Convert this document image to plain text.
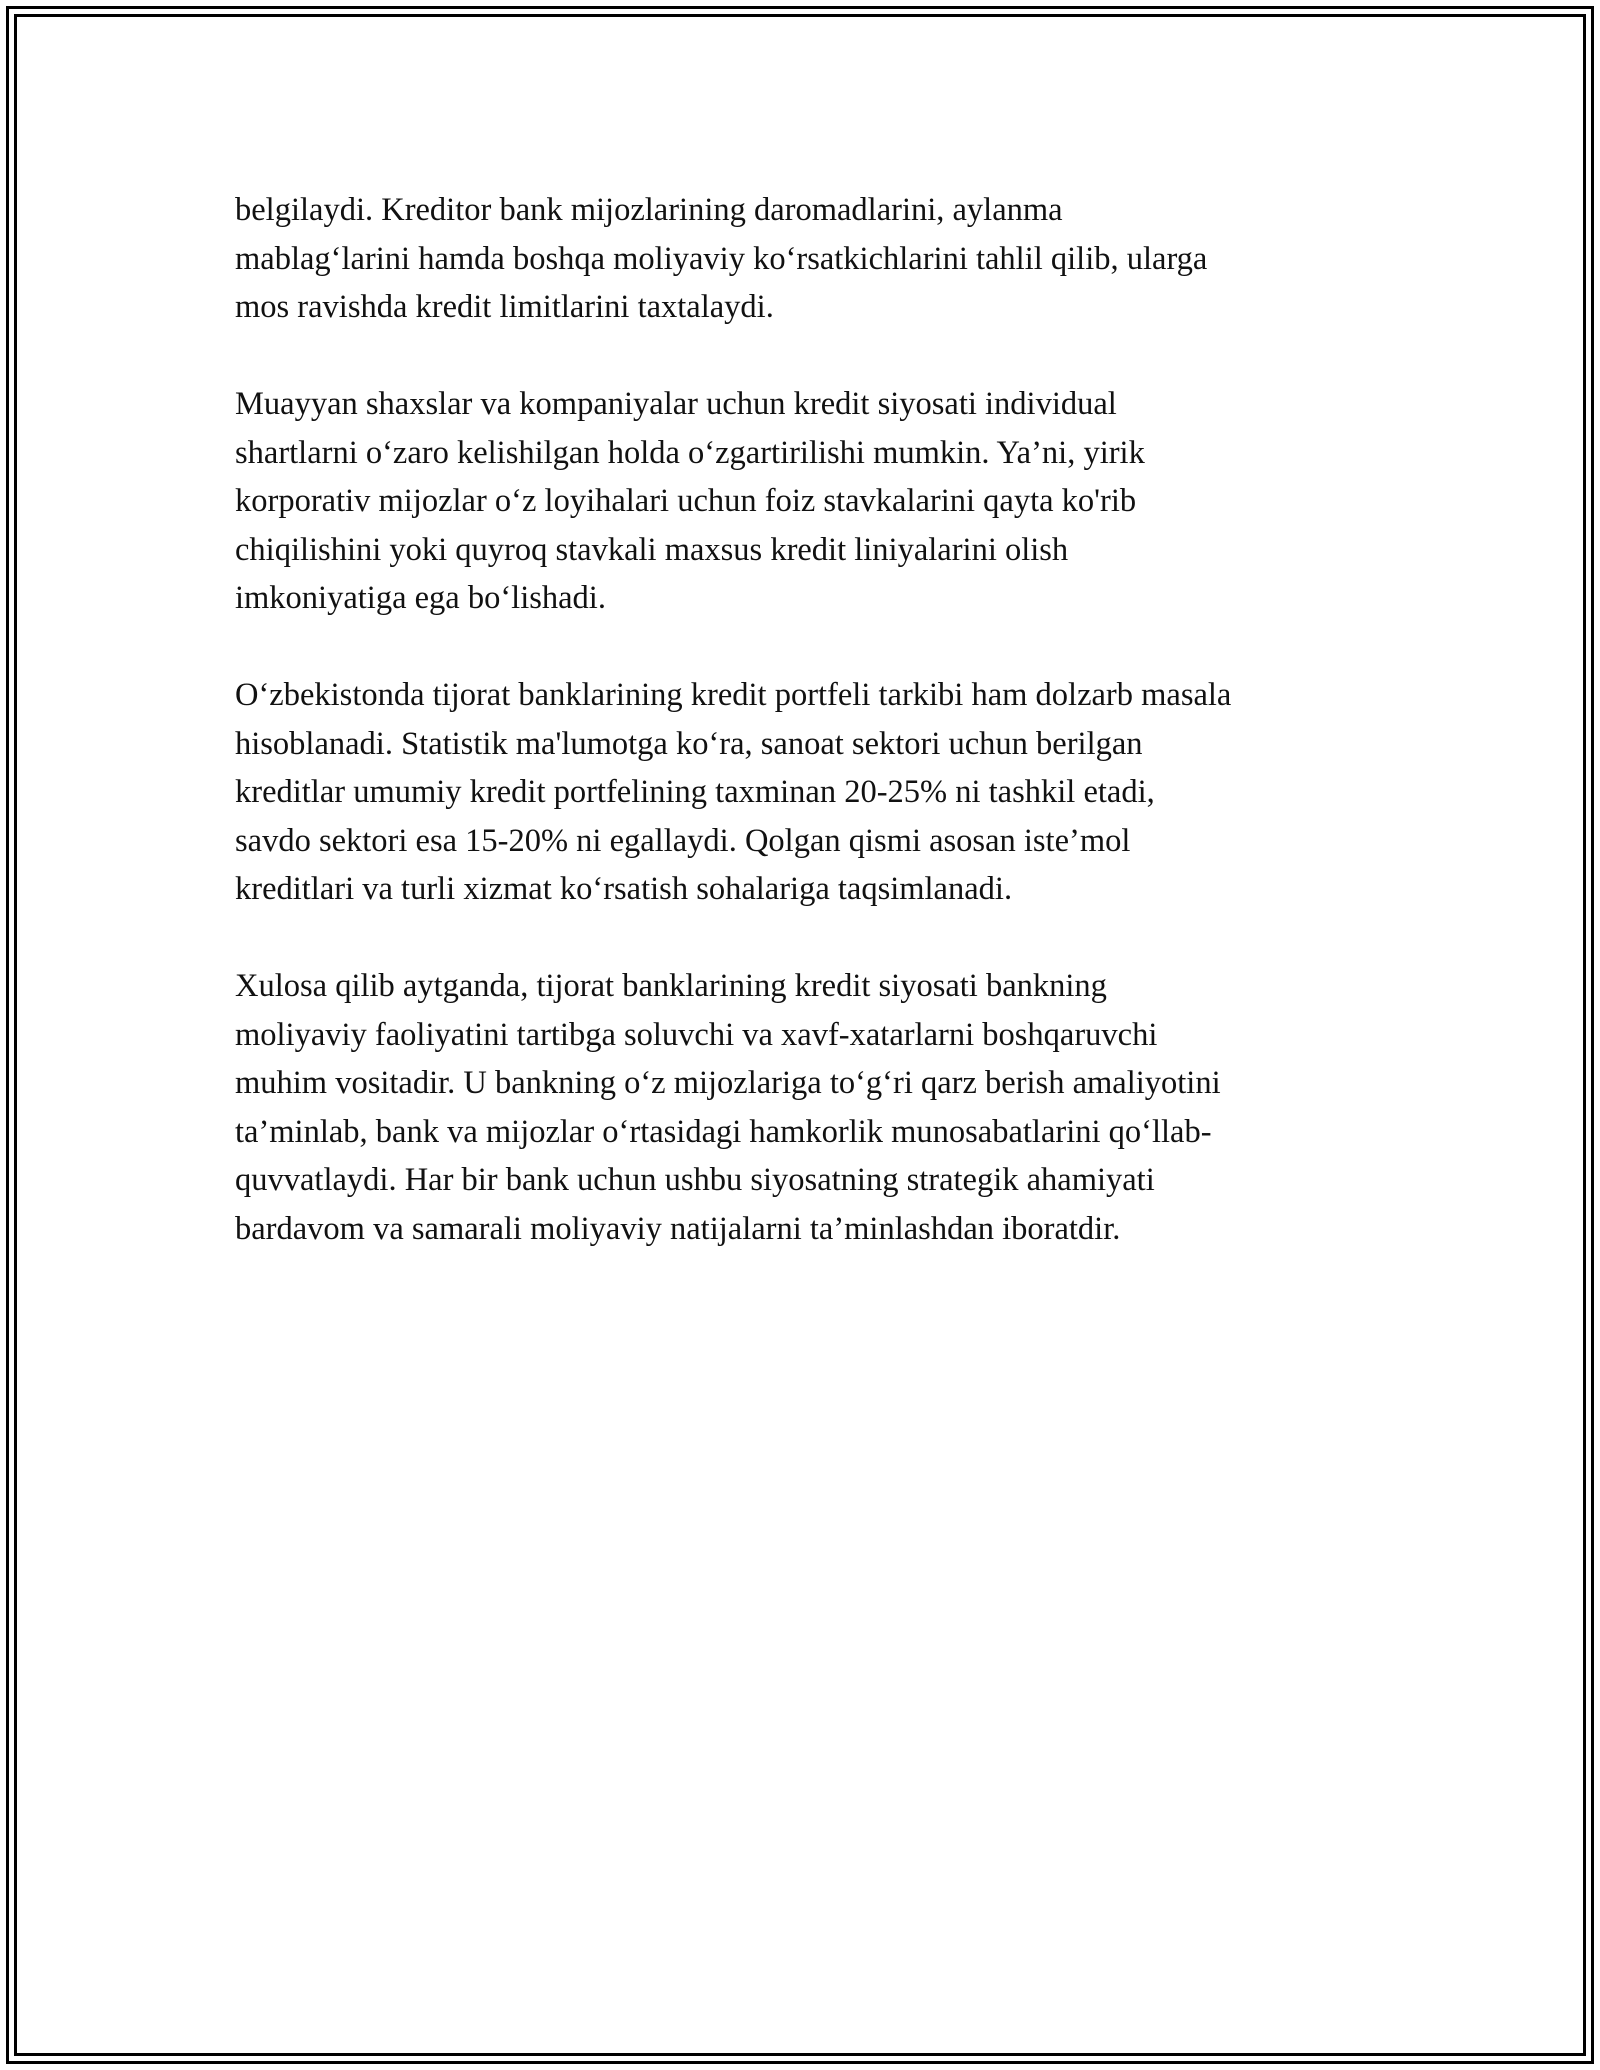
belgilaydi. Kreditor bank mijozlarining daromadlarini, aylanma
mablag‘larini hamda boshqa moliyaviy ko‘rsatkichlarini tahlil qilib, ularga
mos ravishda kredit limitlarini taxtalaydi.

Muayyan shaxslar va kompaniyalar uchun kredit siyosati individual
shartlarni o‘zaro kelishilgan holda o‘zgartirilishi mumkin. Ya’ni, yirik
korporativ mijozlar o‘z loyihalari uchun foiz stavkalarini qayta ko'rib
chiqilishini yoki quyroq stavkali maxsus kredit liniyalarini olish
imkoniyatiga ega bo‘lishadi.

O‘zbekistonda tijorat banklarining kredit portfeli tarkibi ham dolzarb masala
hisoblanadi. Statistik ma'lumotga ko‘ra, sanoat sektori uchun berilgan
kreditlar umumiy kredit portfelining taxminan 20-25% ni tashkil etadi,
savdo sektori esa 15-20% ni egallaydi. Qolgan qismi asosan iste’mol
kreditlari va turli xizmat ko‘rsatish sohalariga taqsimlanadi.

Xulosa qilib aytganda, tijorat banklarining kredit siyosati bankning
moliyaviy faoliyatini tartibga soluvchi va xavf-xatarlarni boshqaruvchi
muhim vositadir. U bankning o‘z mijozlariga to‘g‘ri qarz berish amaliyotini
ta’minlab, bank va mijozlar o‘rtasidagi hamkorlik munosabatlarini qo‘llab-
quvvatlaydi. Har bir bank uchun ushbu siyosatning strategik ahamiyati
bardavom va samarali moliyaviy natijalarni ta’minlashdan iboratdir.
